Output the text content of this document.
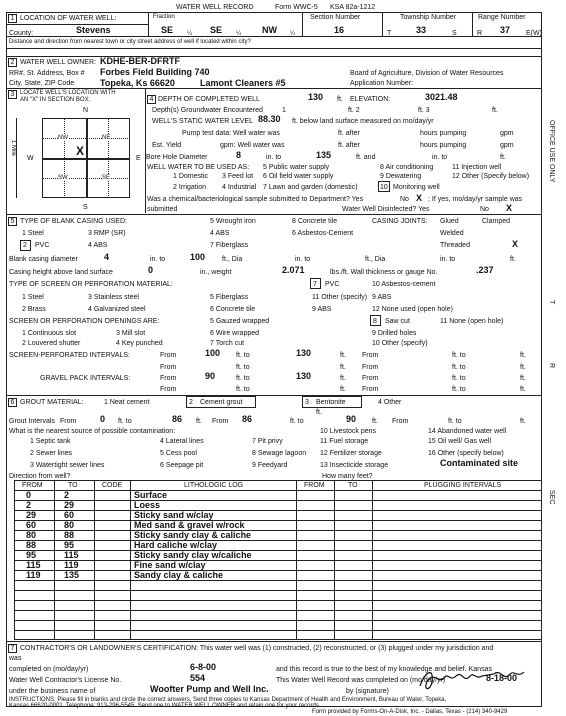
WATER WELL RECORD	Form WWC-5 KSA 82a-1212
1 LOCATION OF WATER WELL:	Fraction
County:	Stevens	SE ¼ SE ¼ NW ¼
Section Number
16
Township Number
T	33	S
Range Number
R 37 E(W)
Distance and direction from nearest town or city street address of well if located within city?
2 WATER WELL OWNER: KDHE-BER-DFRTF
RR#, St. Address, Box # Forbes Field Building 740
City, State, ZIP Code	Topeka, Ks 66620	Lamont Cleaners #5
Board of Agriculture, Division of Water Resources
Application Number:
3 LOCATE WELL'S LOCATION WITH
AN "X" IN SECTION BOX:
N
S
W	E
1 Mile
NW	NE
SW	SE
X
4 DEPTH OF COMPLETED WELL	130 ft. ELEVATION:	3021.48
Depth(s) Groundwater Encountered	1	ft. 2	ft. 3	ft.
WELL'S STATIC WATER LEVEL 88.30 ft. below land surface measured on mo/day/yr
Pump test data: Well water was	ft. after	hours pumping	gpm
Est. Yield	gpm: Well water was	ft. after	hours pumping	gpm
Bore Hole Diameter	8	in. to	135	ft. and	in. to	ft.
WELL WATER TO BE USED AS: 5 Public water supply	8 Air conditioning	11 Injection well
1 Domestic 3 Feed lot 6 Oil field water supply	9 Dewatering	12 Other (Specify below)
2 Irrigation 4 Industrial 7 Lawn and garden (domestic)	10 Monitoring well
Was a chemical/bacteriological sample submitted to Department? Yes	No X ; If yes, mo/day/yr sample was
submitted	Water Well Disinfected? Yes	No X
5 TYPE OF BLANK CASING USED:	5 Wrought iron	8 Concrete tile	CASING JOINTS: Glued	Clamped
1 Steel	3 RMP (SR)	4 ABS	6 Asbestos-Cement	Welded
2 PVC	4 ABS	7 Fiberglass	Threaded	X
Blank casing diameter	4	in. to	100 ft., Dia	in. to	ft., Dia	in. to	ft.
Casing height above land surface	0	in., weight	2.071	lbs./ft. Wall thickness or gauge No.	.237
TYPE OF SCREEN OR PERFORATION MATERIAL:	7 PVC	10 Asbestos-cement
1 Steel	3 Stainless steel	5 Fiberglass	11 Other (specify) 9 ABS
2 Brass	4 Galvanized steel	6 Concrete tile	9 ABS	12 None used (open hole)
SCREEN OR PERFORATION OPENINGS ARE:	5 Gauzed wrapped	8 Saw cut	11 None (open hole)
1 Continuous slot	3 Mill slot	6 Wire wrapped	9 Drilled holes
2 Louvered shutter	4 Key punched	7 Torch cut	10 Other (specify)
SCREEN-PERFORATED INTERVALS:	From	100 ft. to	130	ft. From	ft. to	ft.
From	ft. to	ft. From	ft. to	ft.
GRAVEL PACK INTERVALS:	From	90	ft. to	130	ft. From	ft. to	ft.
From	ft. to	ft. From	ft. to	ft.
6 GROUT MATERIAL:	1 Neat cement	2 Cement grout	3 Bentonite	4 Other
Grout Intervals From	0 ft. to	86 ft. From 86	ft. to	90
ft.
ft. From	ft. to	ft.
What is the nearest source of possible contamination:
1 Septic tank	4 Lateral lines	7 Pit privy
10 Livestock pens	14 Abandoned water well
2 Sewer lines	5 Cess pool	8 Sewage lagoon
11 Fuel storage	15 Oil well/ Gas well
3 Watertight sewer lines	6 Seepage pit	9 Feedyard
12 Fertilizer storage	16 Other (specify below)
13 Insecticide storage	Contaminated site
Direction from well?	How many feet?
FROM	TO	CODE	LITHOLOGIC LOG	FROM	TO	PLUGGING INTERVALS
0	2	Surface
2	29	Loess
29	60	Sticky sand w/clay
60	80	Med sand & gravel w/rock
80	88	Sticky sandy clay & caliche
88	95	Hard caliche w/clay
95	115	Sticky sandy clay w/caliche
115	119	Fine sand w/clay
119	135	Sandy clay & caliche
7 CONTRACTOR'S OR LANDOWNER'S CERTIFICATION: This water well was (1) constructed, (2) reconstructed, or (3) plugged under my jurisdiction and
was
completed on (mo/day/yr)	6-8-00	and this record is true to the best of my knowledge and belief. Kansas
Water Well Contractor's License No.	554	This Water Well Record was completed on (mo/day/yr)	8-18-00
under the business name of	Woofter Pump and Well Inc.	by (signature)
INSTRUCTIONS: Please fill in blanks and circle the correct answers. Send three copies to Kansas Department of Health and Environment, Bureau of Water, Topeka,
Kansas 66620-0001. Telephone: 913-296-5545. Send one to WATER WELL OWNER and retain one for your records.
Form provided by Forms-On-A-Disk, Inc. - Dallas, Texas - (214) 340-9429
OFFICE USE ONLY
T
R
SEC
